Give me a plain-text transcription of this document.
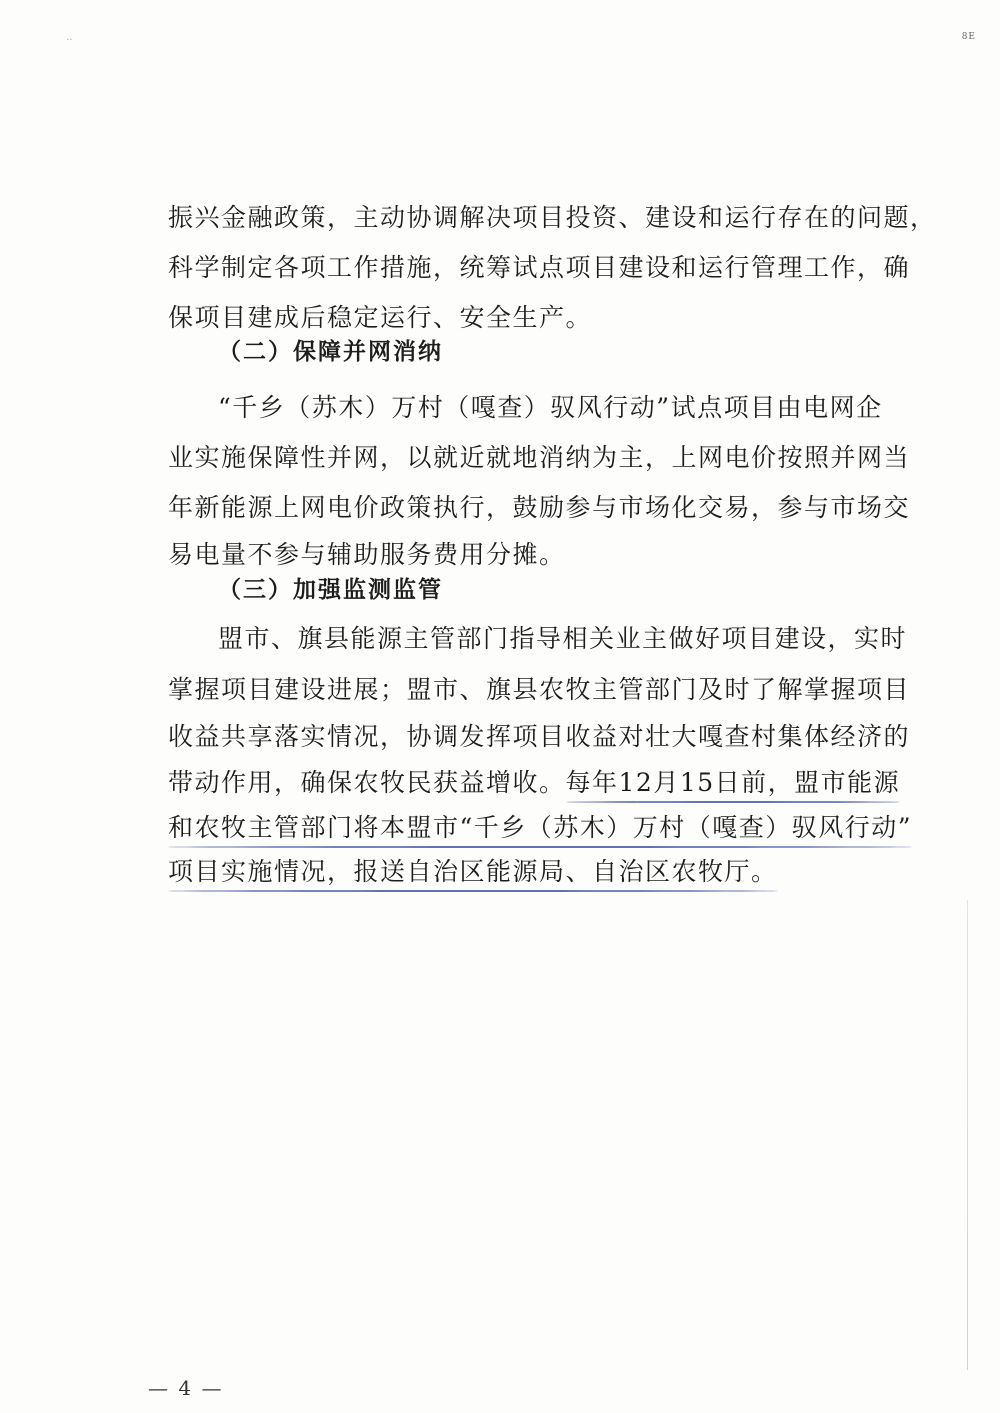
‥	8E
振兴金融政策，主动协调解决项目投资、建设和运行存在的问题，
科学制定各项工作措施，统筹试点项目建设和运行管理工作，确
保项目建成后稳定运行、安全生产。
（二）保障并网消纳
“千乡（苏木）万村（嘎查）驭风行动”试点项目由电网企
业实施保障性并网，以就近就地消纳为主，上网电价按照并网当
年新能源上网电价政策执行，鼓励参与市场化交易，参与市场交
易电量不参与辅助服务费用分摊。
（三）加强监测监管
盟市、旗县能源主管部门指导相关业主做好项目建设，实时
掌握项目建设进展；盟市、旗县农牧主管部门及时了解掌握项目
收益共享落实情况，协调发挥项目收益对壮大嘎查村集体经济的
带动作用，确保农牧民获益增收。每年12月15日前，盟市能源
和农牧主管部门将本盟市“千乡（苏木）万村（嘎查）驭风行动”
项目实施情况，报送自治区能源局、自治区农牧厅。
— 4 —
